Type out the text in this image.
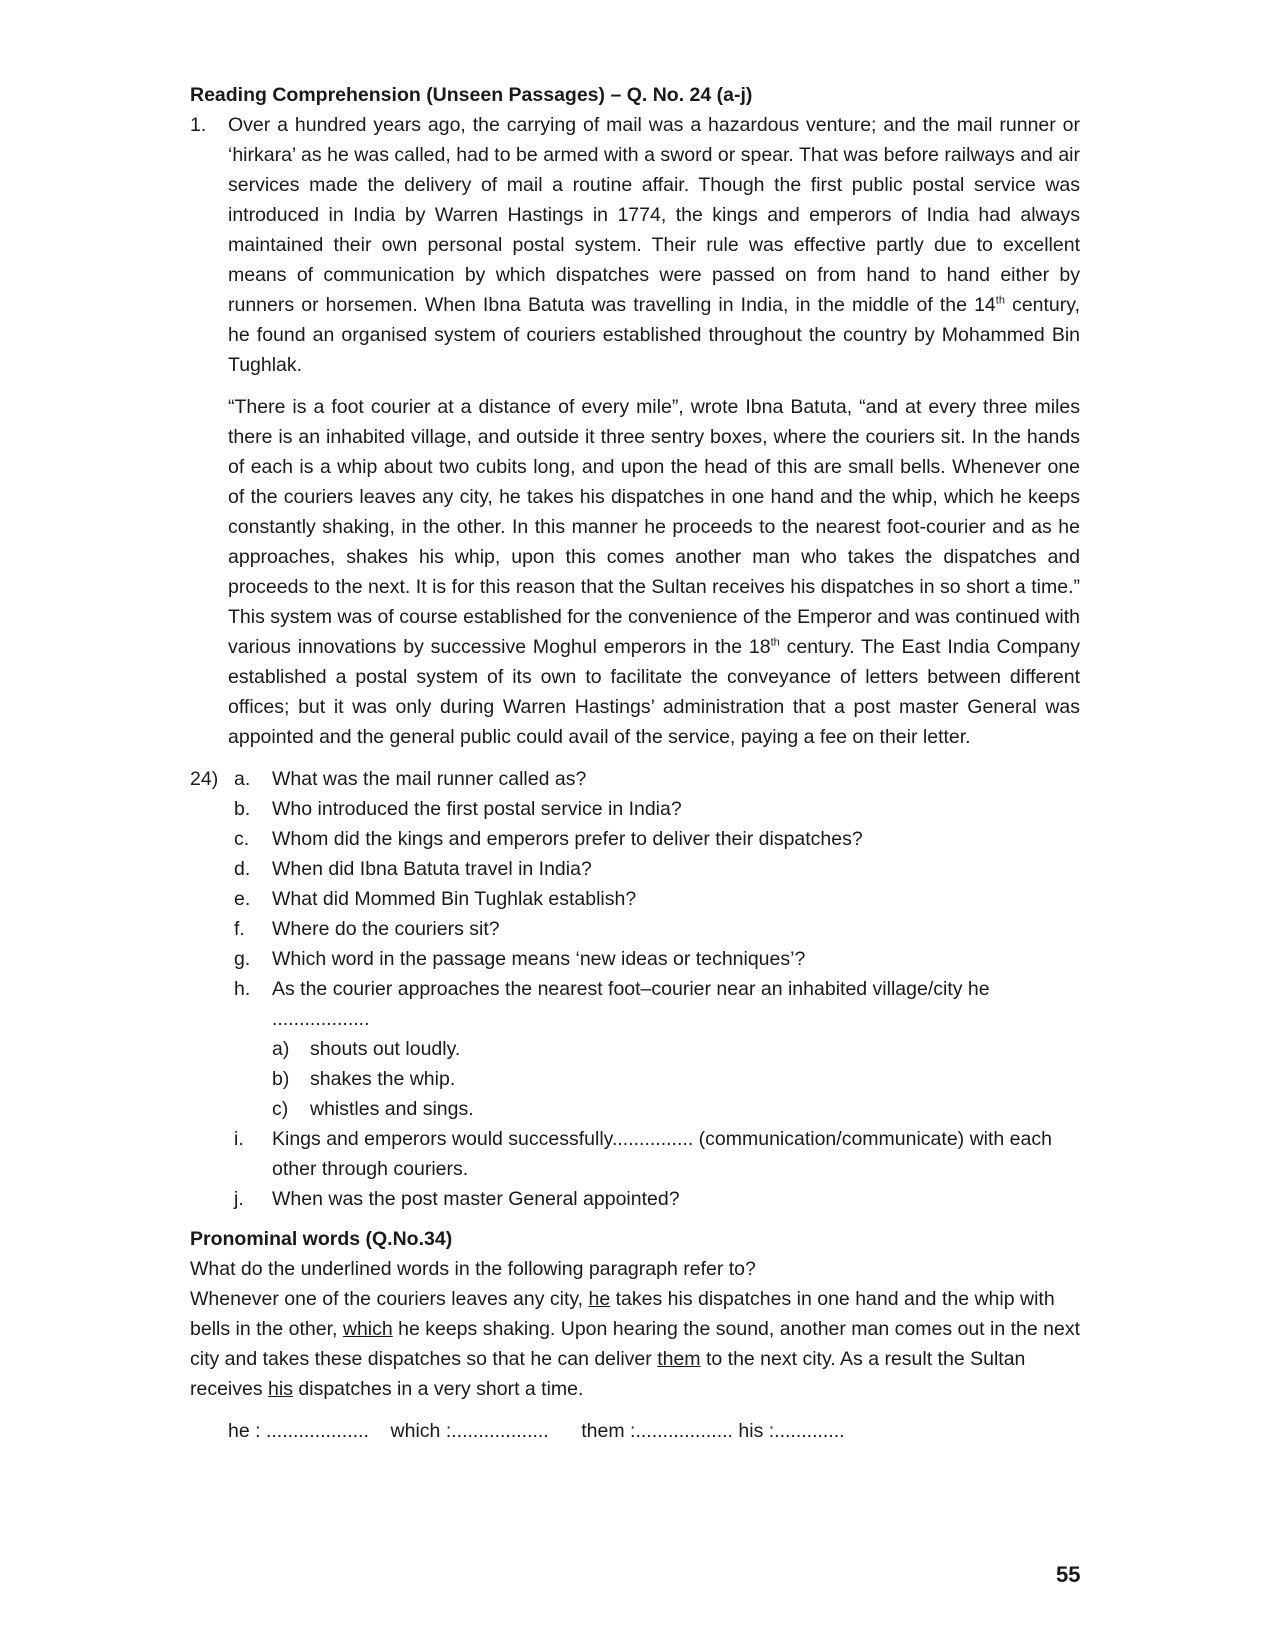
Reading Comprehension (Unseen Passages) – Q. No. 24 (a-j)

1.	Over a hundred years ago, the carrying of mail was a hazardous venture; and the mail runner or ‘hirkara’ as he was called, had to be armed with a sword or spear. That was before railways and air services made the delivery of mail a routine affair. Though the first public postal service was introduced in India by Warren Hastings in 1774, the kings and emperors of India had always maintained their own personal postal system. Their rule was effective partly due to excellent means of communication by which dispatches were passed on from hand to hand either by runners or horsemen. When Ibna Batuta was travelling in India, in the middle of the 14th century, he found an organised system of couriers established throughout the country by Mohammed Bin Tughlak.

“There is a foot courier at a distance of every mile”, wrote Ibna Batuta, “and at every three miles there is an inhabited village, and outside it three sentry boxes, where the couriers sit. In the hands of each is a whip about two cubits long, and upon the head of this are small bells. Whenever one of the couriers leaves any city, he takes his dispatches in one hand and the whip, which he keeps constantly shaking, in the other. In this manner he proceeds to the nearest foot-courier and as he approaches, shakes his whip, upon this comes another man who takes the dispatches and proceeds to the next. It is for this reason that the Sultan receives his dispatches in so short a time.” This system was of course established for the convenience of the Emperor and was continued with various innovations by successive Moghul emperors in the 18th century. The East India Company established a postal system of its own to facilitate the conveyance of letters between different offices; but it was only during Warren Hastings’ administration that a post master General was appointed and the general public could avail of the service, paying a fee on their letter.

24) a.	What was the mail runner called as?
b.	Who introduced the first postal service in India?
c.	Whom did the kings and emperors prefer to deliver their dispatches?
d.	When did Ibna Batuta travel in India?
e.	What did Mommed Bin Tughlak establish?
f.	Where do the couriers sit?
g.	Which word in the passage means ‘new ideas or techniques’?
h.	As the courier approaches the nearest foot–courier near an inhabited village/city he ..................
a)	shouts out loudly.
b)	shakes the whip.
c)	whistles and sings.
i.	Kings and emperors would successfully............... (communication/communicate) with each other through couriers.
j.	When was the post master General appointed?

Pronominal words (Q.No.34)

What do the underlined words in the following paragraph refer to?

Whenever one of the couriers leaves any city, he takes his dispatches in one hand and the whip with bells in the other, which he keeps shaking. Upon hearing the sound, another man comes out in the next city and takes these dispatches so that he can deliver them to the next city. As a result the Sultan receives his dispatches in a very short a time.

he : ...................    which :..................      them :.................. his :.............
55
